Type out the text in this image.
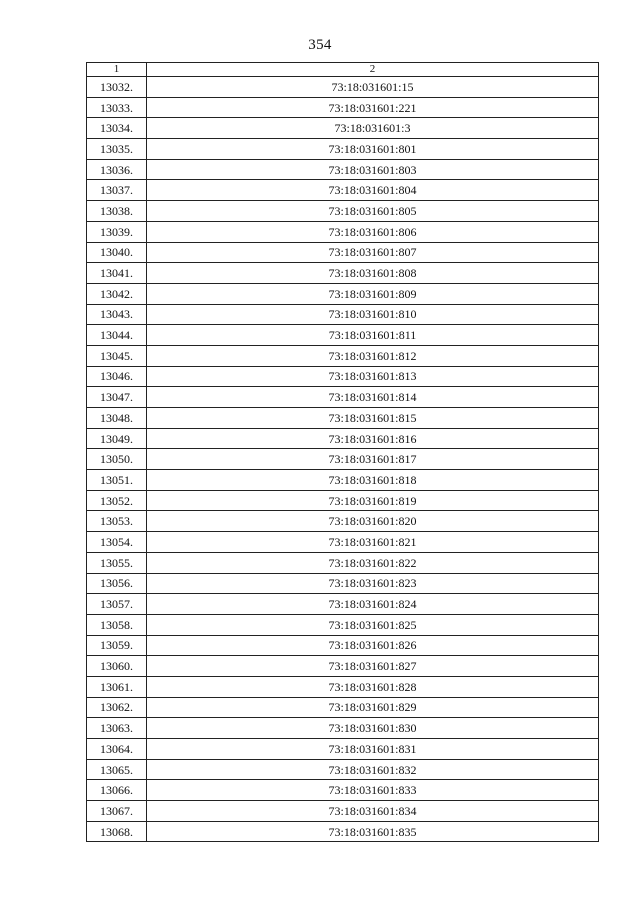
354
1	2
13032.	73:18:031601:15
13033.	73:18:031601:221
13034.	73:18:031601:3
13035.	73:18:031601:801
13036.	73:18:031601:803
13037.	73:18:031601:804
13038.	73:18:031601:805
13039.	73:18:031601:806
13040.	73:18:031601:807
13041.	73:18:031601:808
13042.	73:18:031601:809
13043.	73:18:031601:810
13044.	73:18:031601:811
13045.	73:18:031601:812
13046.	73:18:031601:813
13047.	73:18:031601:814
13048.	73:18:031601:815
13049.	73:18:031601:816
13050.	73:18:031601:817
13051.	73:18:031601:818
13052.	73:18:031601:819
13053.	73:18:031601:820
13054.	73:18:031601:821
13055.	73:18:031601:822
13056.	73:18:031601:823
13057.	73:18:031601:824
13058.	73:18:031601:825
13059.	73:18:031601:826
13060.	73:18:031601:827
13061.	73:18:031601:828
13062.	73:18:031601:829
13063.	73:18:031601:830
13064.	73:18:031601:831
13065.	73:18:031601:832
13066.	73:18:031601:833
13067.	73:18:031601:834
13068.	73:18:031601:835
